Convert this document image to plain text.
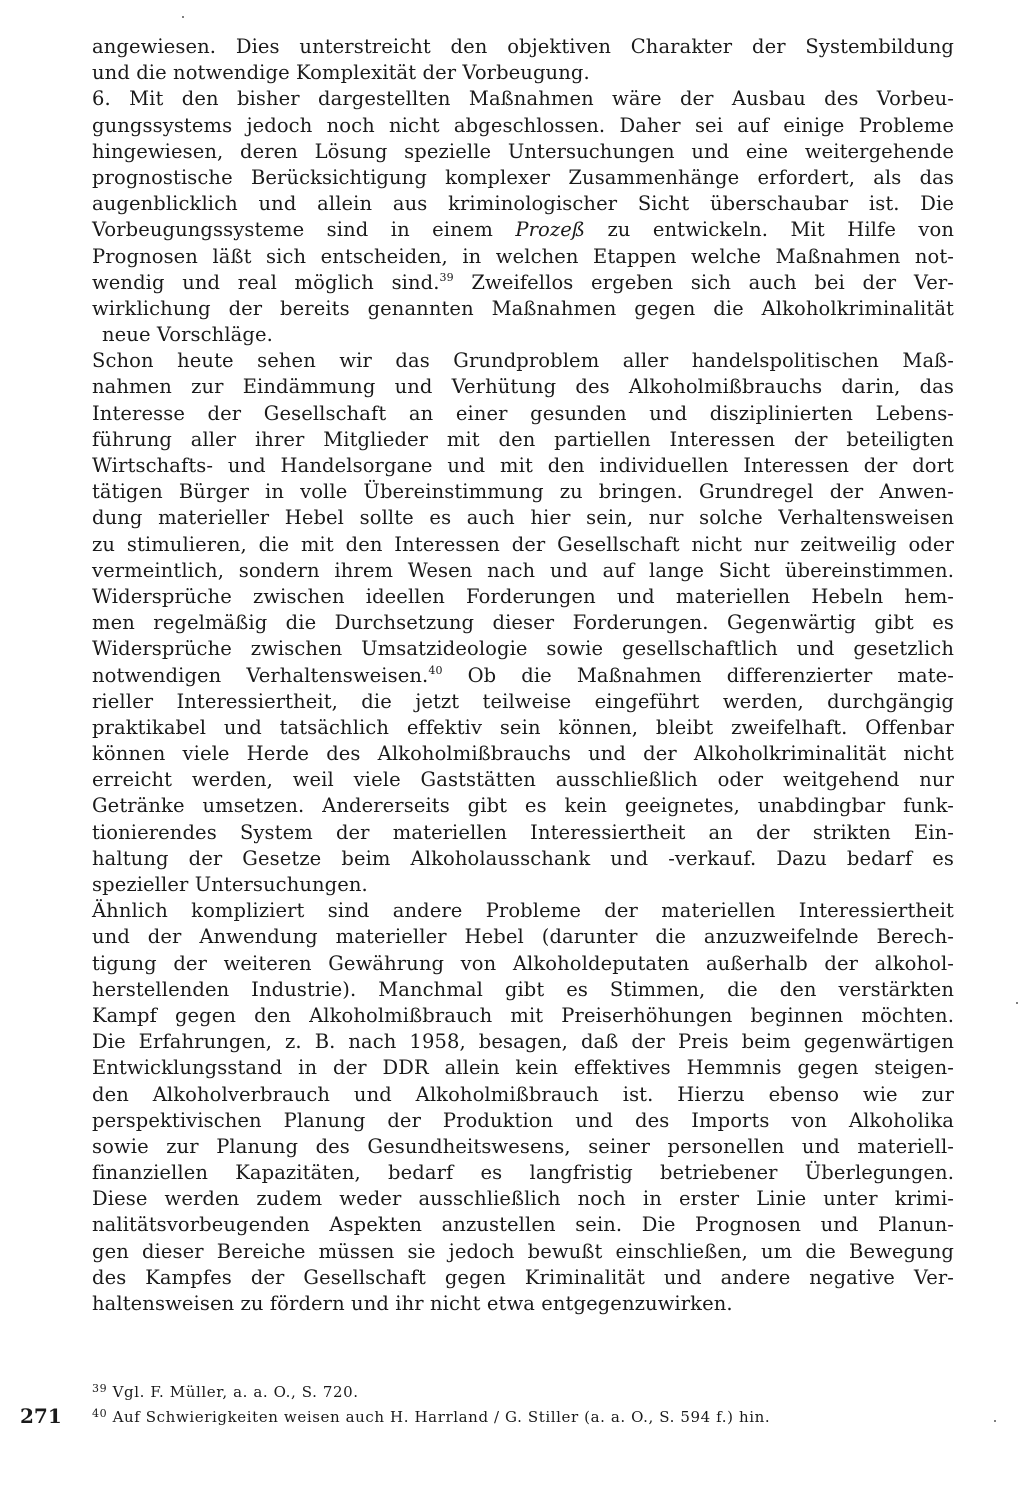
angewiesen. Dies unterstreicht den objektiven Charakter der Systembildung
und die notwendige Komplexität der Vorbeugung.
6. Mit den bisher dargestellten Maßnahmen wäre der Ausbau des Vorbeu-
gungssystems jedoch noch nicht abgeschlossen. Daher sei auf einige Probleme
hingewiesen, deren Lösung spezielle Untersuchungen und eine weitergehende
prognostische Berücksichtigung komplexer Zusammenhänge erfordert, als das
augenblicklich und allein aus kriminologischer Sicht überschaubar ist. Die
Vorbeugungssysteme sind in einem Prozeß zu entwickeln. Mit Hilfe von
Prognosen läßt sich entscheiden, in welchen Etappen welche Maßnahmen not-
wendig und real möglich sind.$^{39}$ Zweifellos ergeben sich auch bei der Ver-
wirklichung der bereits genannten Maßnahmen gegen die Alkoholkriminalität
neue Vorschläge.
Schon heute sehen wir das Grundproblem aller handelspolitischen Maß-
nahmen zur Eindämmung und Verhütung des Alkoholmißbrauchs darin, das
Interesse der Gesellschaft an einer gesunden und disziplinierten Lebens-
führung aller ihrer Mitglieder mit den partiellen Interessen der beteiligten
Wirtschafts- und Handelsorgane und mit den individuellen Interessen der dort
tätigen Bürger in volle Übereinstimmung zu bringen. Grundregel der Anwen-
dung materieller Hebel sollte es auch hier sein, nur solche Verhaltensweisen
zu stimulieren, die mit den Interessen der Gesellschaft nicht nur zeitweilig oder
vermeintlich, sondern ihrem Wesen nach und auf lange Sicht übereinstimmen.
Widersprüche zwischen ideellen Forderungen und materiellen Hebeln hem-
men regelmäßig die Durchsetzung dieser Forderungen. Gegenwärtig gibt es
Widersprüche zwischen Umsatzideologie sowie gesellschaftlich und gesetzlich
notwendigen Verhaltensweisen.$^{40}$ Ob die Maßnahmen differenzierter mate-
rieller Interessiertheit, die jetzt teilweise eingeführt werden, durchgängig
praktikabel und tatsächlich effektiv sein können, bleibt zweifelhaft. Offenbar
können viele Herde des Alkoholmißbrauchs und der Alkoholkriminalität nicht
erreicht werden, weil viele Gaststätten ausschließlich oder weitgehend nur
Getränke umsetzen. Andererseits gibt es kein geeignetes, unabdingbar funk-
tionierendes System der materiellen Interessiertheit an der strikten Ein-
haltung der Gesetze beim Alkoholausschank und -verkauf. Dazu bedarf es
spezieller Untersuchungen.
Ähnlich kompliziert sind andere Probleme der materiellen Interessiertheit
und der Anwendung materieller Hebel (darunter die anzuzweifelnde Berech-
tigung der weiteren Gewährung von Alkoholdeputaten außerhalb der alkohol-
herstellenden Industrie). Manchmal gibt es Stimmen, die den verstärkten
Kampf gegen den Alkoholmißbrauch mit Preiserhöhungen beginnen möchten.
Die Erfahrungen, z. B. nach 1958, besagen, daß der Preis beim gegenwärtigen
Entwicklungsstand in der DDR allein kein effektives Hemmnis gegen steigen-
den Alkoholverbrauch und Alkoholmißbrauch ist. Hierzu ebenso wie zur
perspektivischen Planung der Produktion und des Imports von Alkoholika
sowie zur Planung des Gesundheitswesens, seiner personellen und materiell-
finanziellen Kapazitäten, bedarf es langfristig betriebener Überlegungen.
Diese werden zudem weder ausschließlich noch in erster Linie unter krimi-
nalitätsvorbeugenden Aspekten anzustellen sein. Die Prognosen und Planun-
gen dieser Bereiche müssen sie jedoch bewußt einschließen, um die Bewegung
des Kampfes der Gesellschaft gegen Kriminalität und andere negative Ver-
haltensweisen zu fördern und ihr nicht etwa entgegenzuwirken.
$^{39}$ Vgl. F. Müller, a. a. O., S. 720.
$^{40}$ Auf Schwierigkeiten weisen auch H. Harrland / G. Stiller (a. a. O., S. 594 f.) hin.
271
